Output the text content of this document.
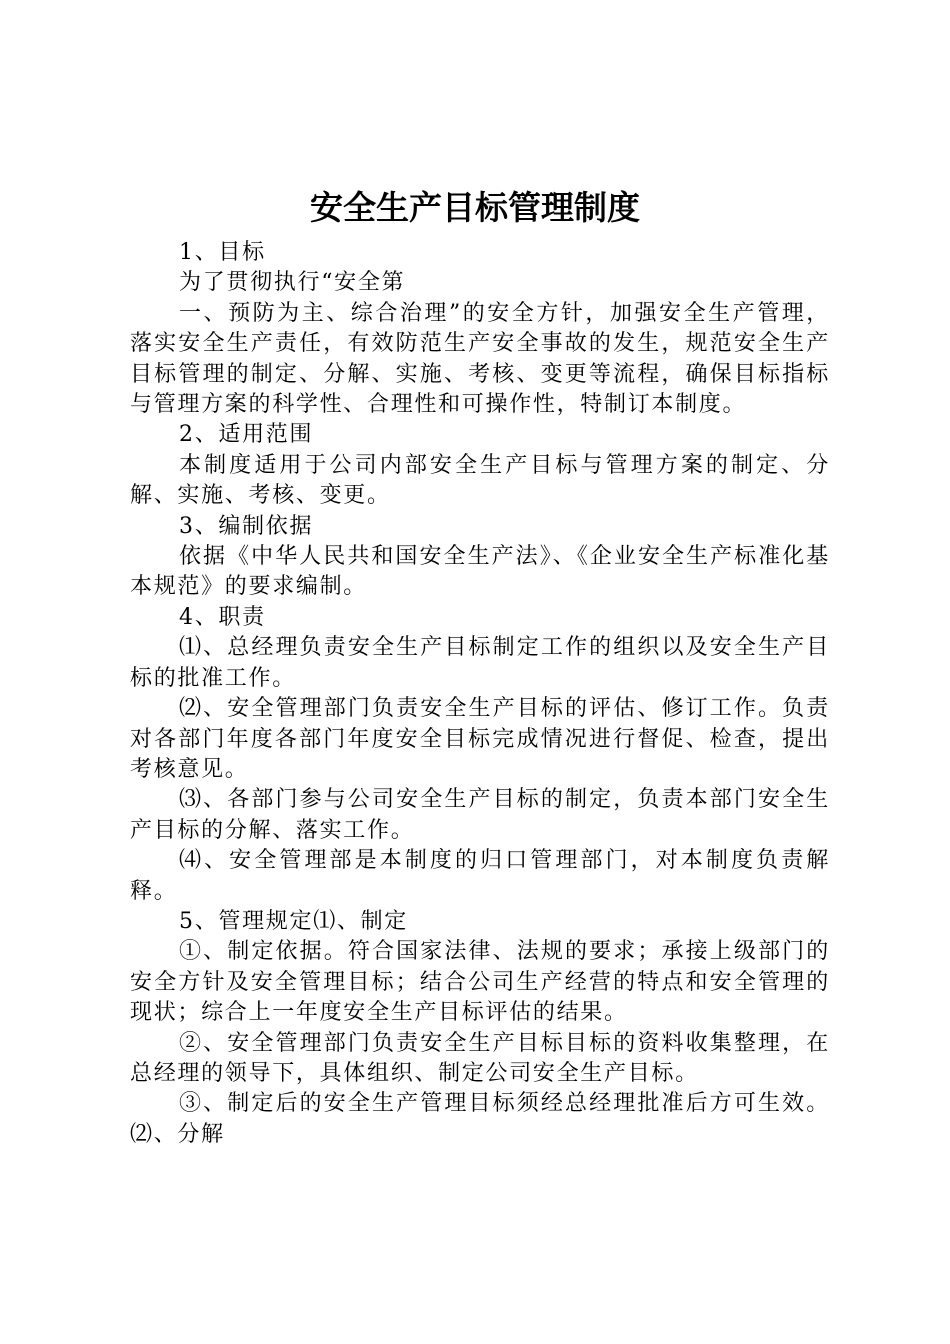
安全生产目标管理制度

1、目标

为了贯彻执行“安全第

一、预防为主、综合治理”的安全方针，加强安全生产管理，落实安全生产责任，有效防范生产安全事故的发生，规范安全生产目标管理的制定、分解、实施、考核、变更等流程，确保目标指标与管理方案的科学性、合理性和可操作性，特制订本制度。

2、适用范围

本制度适用于公司内部安全生产目标与管理方案的制定、分解、实施、考核、变更。

3、编制依据

依据《中华人民共和国安全生产法》、《企业安全生产标准化基本规范》的要求编制。

4、职责

⑴、总经理负责安全生产目标制定工作的组织以及安全生产目标的批准工作。

⑵、安全管理部门负责安全生产目标的评估、修订工作。负责对各部门年度各部门年度安全目标完成情况进行督促、检查，提出考核意见。

⑶、各部门参与公司安全生产目标的制定，负责本部门安全生产目标的分解、落实工作。

⑷、安全管理部是本制度的归口管理部门，对本制度负责解释。

5、管理规定⑴、制定

①、制定依据。符合国家法律、法规的要求；承接上级部门的安全方针及安全管理目标；结合公司生产经营的特点和安全管理的现状；综合上一年度安全生产目标评估的结果。

②、安全管理部门负责安全生产目标目标的资料收集整理，在总经理的领导下，具体组织、制定公司安全生产目标。

③、制定后的安全生产管理目标须经总经理批准后方可生效。⑵、分解
